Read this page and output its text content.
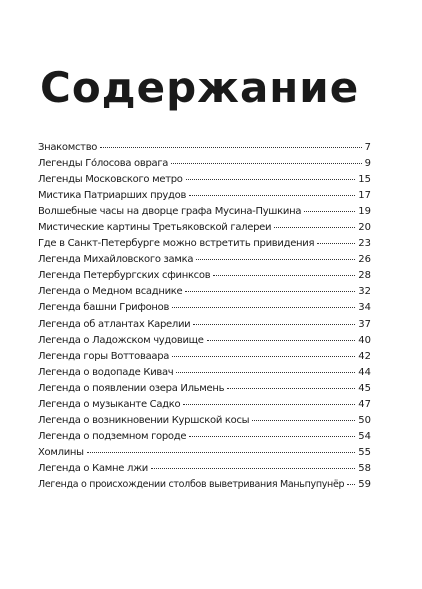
Содержание
Знакомство	7
Легенды Го́лосова оврага	9
Легенды Московского метро	15
Мистика Патриарших прудов	17
Волшебные часы на дворце графа Мусина-Пушкина	19
Мистические картины Третьяковской галереи	20
Где в Санкт-Петербурге можно встретить привидения	23
Легенда Михайловского замка	26
Легенда Петербургских сфинксов	28
Легенда о Медном всаднике	32
Легенда башни Грифонов	34
Легенда об атлантах Карелии	37
Легенда о Ладожском чудовище	40
Легенда горы Воттоваара	42
Легенда о водопаде Кивач	44
Легенда о появлении озера Ильмень	45
Легенда о музыканте Садко	47
Легенда о возникновении Куршской косы	50
Легенда о подземном городе	54
Хомлины	55
Легенда о Камне лжи	58
Легенда о происхождении столбов выветривания Маньпупунёр 59
